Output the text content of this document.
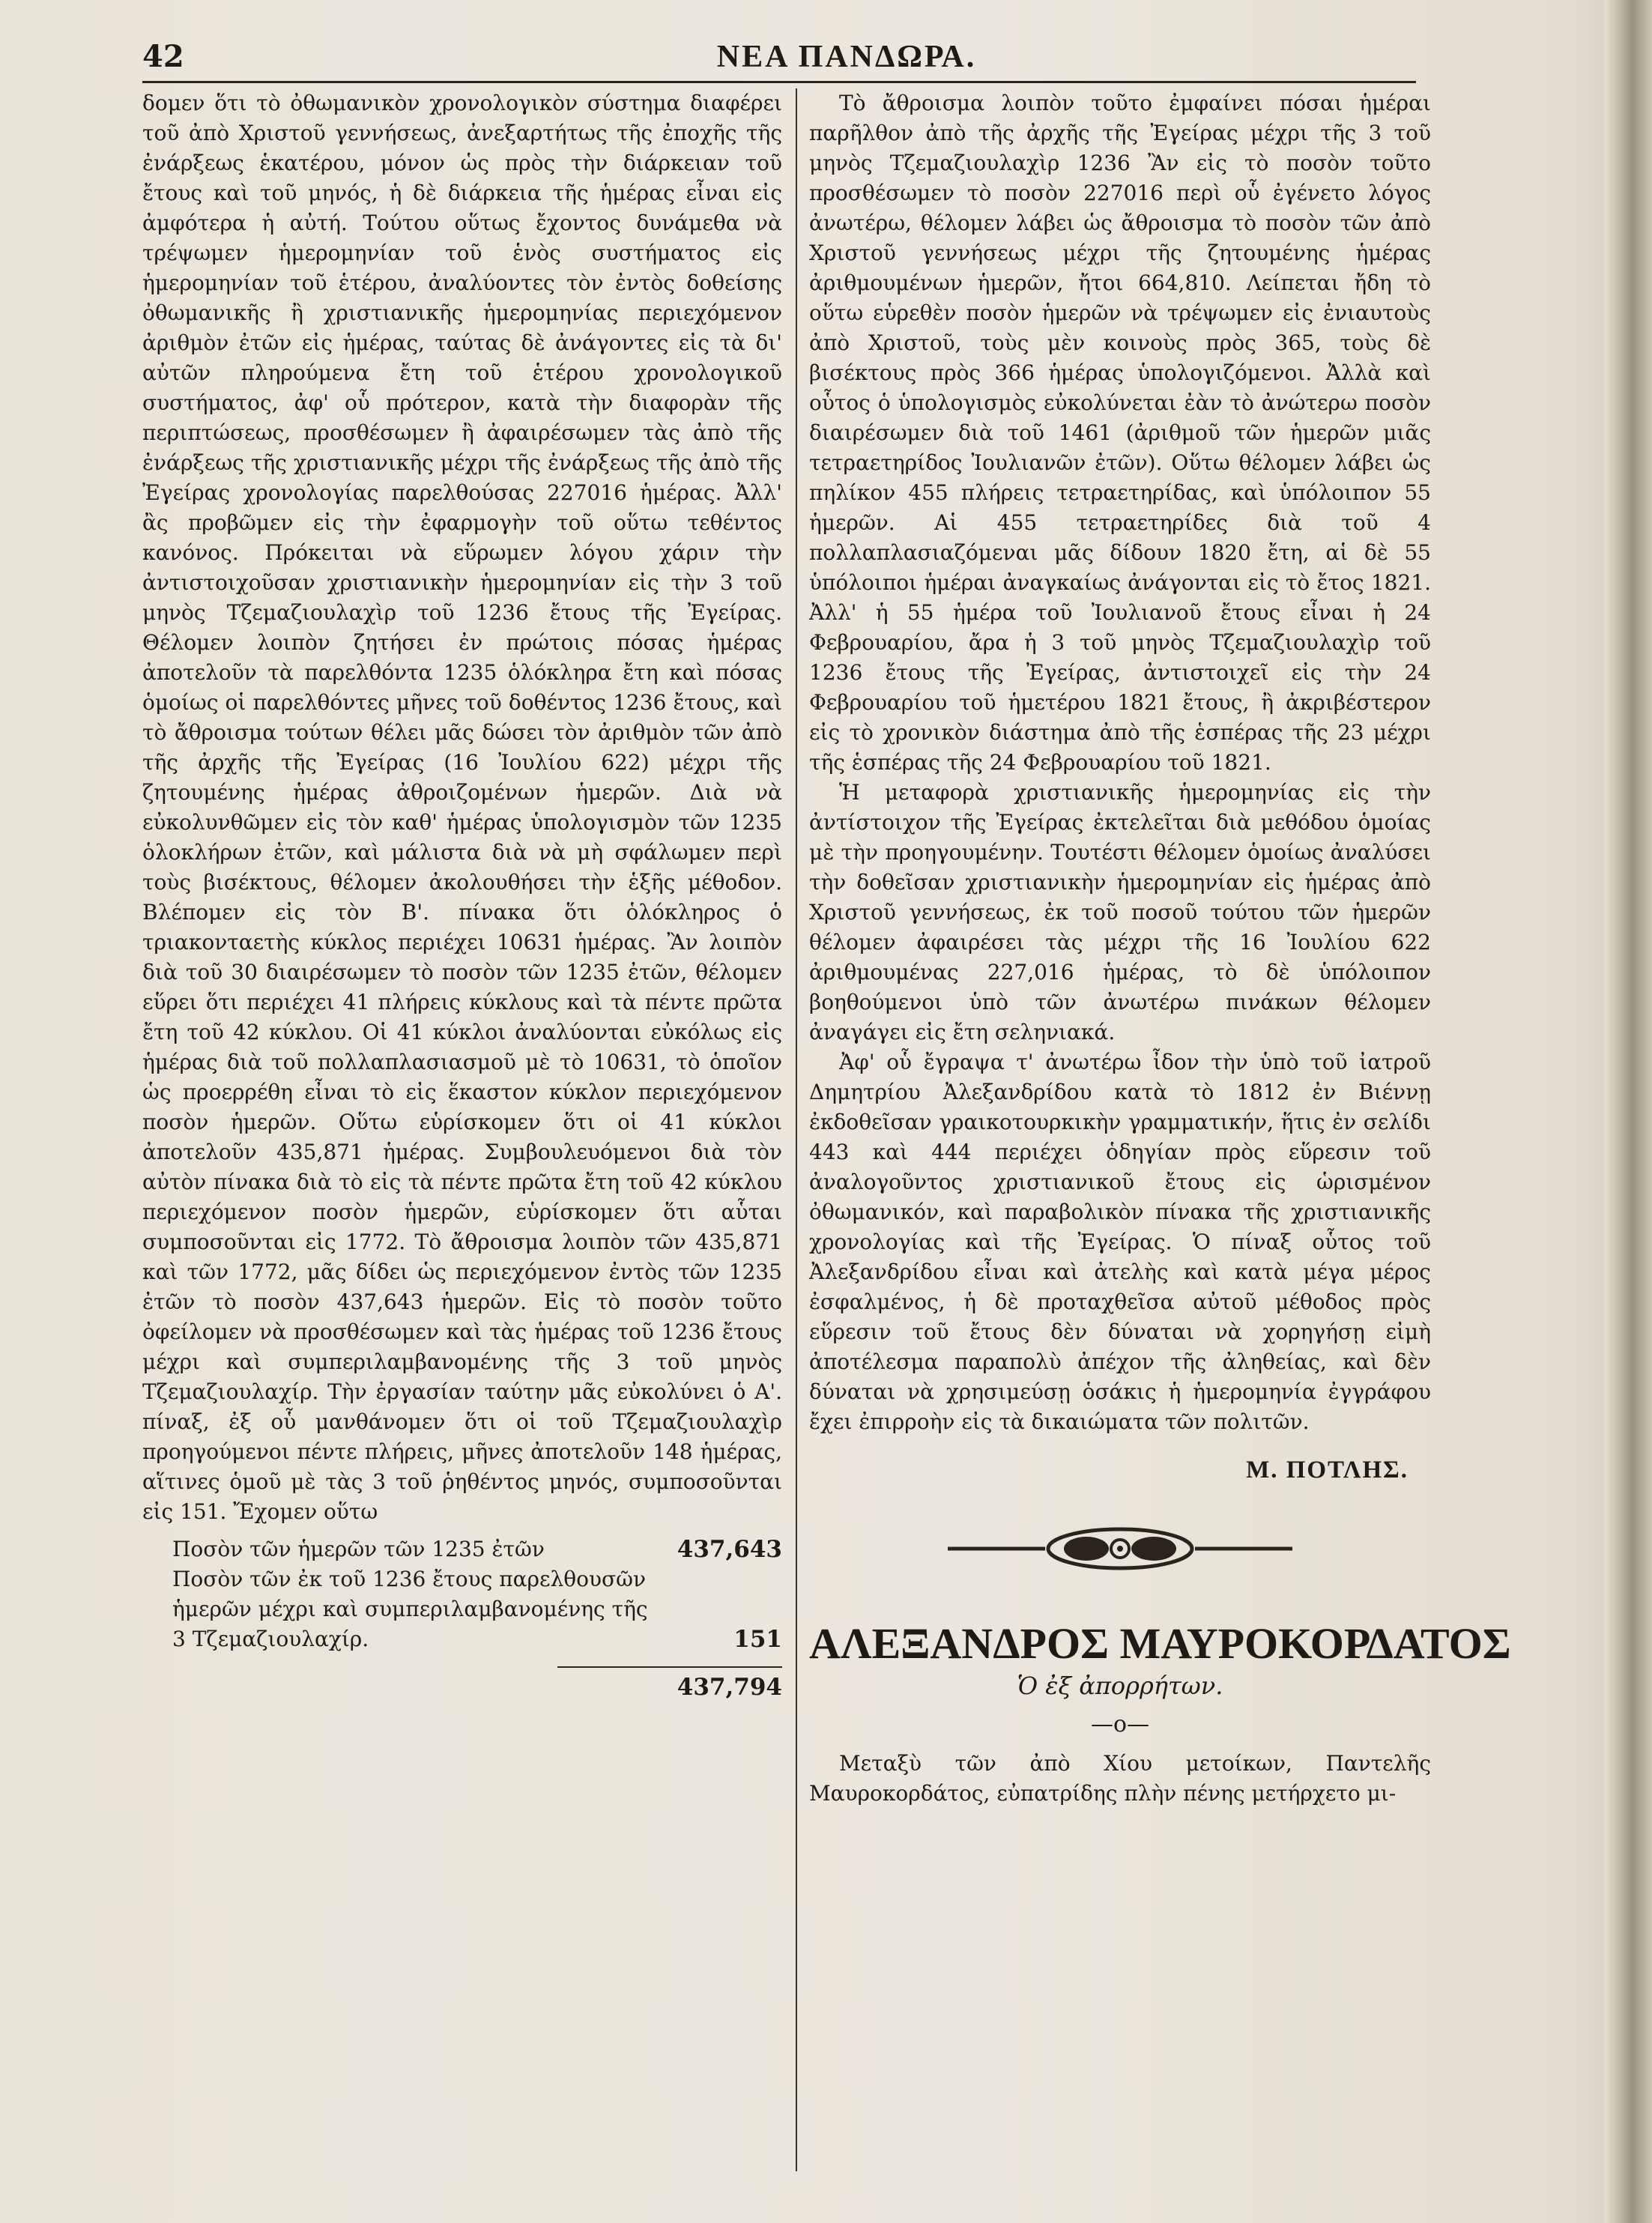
42	ΝΕΑ ΠΑΝΔΩΡΑ.

δομεν ὅτι τὸ ὀθωμανικὸν χρονολογικὸν σύστημα διαφέρει τοῦ ἀπὸ Χριστοῦ γεννήσεως, ἀνεξαρτήτως τῆς ἐποχῆς τῆς ἐνάρξεως ἑκατέρου, μόνον ὡς πρὸς τὴν διάρκειαν τοῦ ἔτους καὶ τοῦ μηνός, ἡ δὲ διάρκεια τῆς ἡμέρας εἶναι εἰς ἀμφότερα ἡ αὐτή. Τούτου οὕτως ἔχοντος δυνάμεθα νὰ τρέψωμεν ἡμερομηνίαν τοῦ ἑνὸς συστήματος εἰς ἡμερομηνίαν τοῦ ἑτέρου, ἀναλύοντες τὸν ἐντὸς δοθείσης ὀθωμανικῆς ἢ χριστιανικῆς ἡμερομηνίας περιεχόμενον ἀριθμὸν ἐτῶν εἰς ἡμέρας, ταύτας δὲ ἀνάγοντες εἰς τὰ δι' αὐτῶν πληρούμενα ἔτη τοῦ ἑτέρου χρονολογικοῦ συστήματος, ἀφ' οὗ πρότερον, κατὰ τὴν διαφορὰν τῆς περιπτώσεως, προσθέσωμεν ἢ ἀφαιρέσωμεν τὰς ἀπὸ τῆς ἐνάρξεως τῆς χριστιανικῆς μέχρι τῆς ἐνάρξεως τῆς ἀπὸ τῆς Ἐγείρας χρονολογίας παρελθούσας 227016 ἡμέρας. Ἀλλ' ἂς προβῶμεν εἰς τὴν ἐφαρμογὴν τοῦ οὕτω τεθέντος κανόνος. Πρόκειται νὰ εὕρωμεν λόγου χάριν τὴν ἀντιστοιχοῦσαν χριστιανικὴν ἡμερομηνίαν εἰς τὴν 3 τοῦ μηνὸς Τζεμαζιουλαχὶρ τοῦ 1236 ἔτους τῆς Ἐγείρας. Θέλομεν λοιπὸν ζητήσει ἐν πρώτοις πόσας ἡμέρας ἀποτελοῦν τὰ παρελθόντα 1235 ὁλόκληρα ἔτη καὶ πόσας ὁμοίως οἱ παρελθόντες μῆνες τοῦ δοθέντος 1236 ἔτους, καὶ τὸ ἄθροισμα τούτων θέλει μᾶς δώσει τὸν ἀριθμὸν τῶν ἀπὸ τῆς ἀρχῆς τῆς Ἐγείρας (16 Ἰουλίου 622) μέχρι τῆς ζητουμένης ἡμέρας ἀθροιζομένων ἡμερῶν. Διὰ νὰ εὐκολυνθῶμεν εἰς τὸν καθ' ἡμέρας ὑπολογισμὸν τῶν 1235 ὁλοκλήρων ἐτῶν, καὶ μάλιστα διὰ νὰ μὴ σφάλωμεν περὶ τοὺς βισέκτους, θέλομεν ἀκολουθήσει τὴν ἑξῆς μέθοδον. Βλέπομεν εἰς τὸν Β'. πίνακα ὅτι ὁλόκληρος ὁ τριακονταετὴς κύκλος περιέχει 10631 ἡμέρας. Ἂν λοιπὸν διὰ τοῦ 30 διαιρέσωμεν τὸ ποσὸν τῶν 1235 ἐτῶν, θέλομεν εὕρει ὅτι περιέχει 41 πλήρεις κύκλους καὶ τὰ πέντε πρῶτα ἔτη τοῦ 42 κύκλου. Οἱ 41 κύκλοι ἀναλύονται εὐκόλως εἰς ἡμέρας διὰ τοῦ πολλαπλασιασμοῦ μὲ τὸ 10631, τὸ ὁποῖον ὡς προερρέθη εἶναι τὸ εἰς ἕκαστον κύκλον περιεχόμενον ποσὸν ἡμερῶν. Οὕτω εὑρίσκομεν ὅτι οἱ 41 κύκλοι ἀποτελοῦν 435,871 ἡμέρας. Συμβουλευόμενοι διὰ τὸν αὐτὸν πίνακα διὰ τὸ εἰς τὰ πέντε πρῶτα ἔτη τοῦ 42 κύκλου περιεχόμενον ποσὸν ἡμερῶν, εὑρίσκομεν ὅτι αὗται συμποσοῦνται εἰς 1772. Τὸ ἄθροισμα λοιπὸν τῶν 435,871 καὶ τῶν 1772, μᾶς δίδει ὡς περιεχόμενον ἐντὸς τῶν 1235 ἐτῶν τὸ ποσὸν 437,643 ἡμερῶν. Εἰς τὸ ποσὸν τοῦτο ὀφείλομεν νὰ προσθέσωμεν καὶ τὰς ἡμέρας τοῦ 1236 ἔτους μέχρι καὶ συμπεριλαμβανομένης τῆς 3 τοῦ μηνὸς Τζεμαζιουλαχίρ. Τὴν ἐργασίαν ταύτην μᾶς εὐκολύνει ὁ Α'. πίναξ, ἐξ οὗ μανθάνομεν ὅτι οἱ τοῦ Τζεμαζιουλαχὶρ προηγούμενοι πέντε πλήρεις, μῆνες ἀποτελοῦν 148 ἡμέρας, αἵτινες ὁμοῦ μὲ τὰς 3 τοῦ ῥηθέντος μηνός, συμποσοῦνται εἰς 151. Ἔχομεν οὕτω

Ποσὸν τῶν ἡμερῶν τῶν 1235 ἐτῶν	437,643
Ποσὸν τῶν ἐκ τοῦ 1236 ἔτους παρελθουσῶν ἡμερῶν μέχρι καὶ συμπεριλαμβανομένης τῆς 3 Τζεμαζιουλαχίρ.	151
437,794

Τὸ ἄθροισμα λοιπὸν τοῦτο ἐμφαίνει πόσαι ἡμέραι παρῆλθον ἀπὸ τῆς ἀρχῆς τῆς Ἐγείρας μέχρι τῆς 3 τοῦ μηνὸς Τζεμαζιουλαχὶρ 1236 Ἂν εἰς τὸ ποσὸν τοῦτο προσθέσωμεν τὸ ποσὸν 227016 περὶ οὗ ἐγένετο λόγος ἀνωτέρω, θέλομεν λάβει ὡς ἄθροισμα τὸ ποσὸν τῶν ἀπὸ Χριστοῦ γεννήσεως μέχρι τῆς ζητουμένης ἡμέρας ἀριθμουμένων ἡμερῶν, ἤτοι 664,810. Λείπεται ἤδη τὸ οὕτω εὑρεθὲν ποσὸν ἡμερῶν νὰ τρέψωμεν εἰς ἐνιαυτοὺς ἀπὸ Χριστοῦ, τοὺς μὲν κοινοὺς πρὸς 365, τοὺς δὲ βισέκτους πρὸς 366 ἡμέρας ὑπολογιζόμενοι. Ἀλλὰ καὶ οὗτος ὁ ὑπολογισμὸς εὐκολύνεται ἐὰν τὸ ἀνώτερω ποσὸν διαιρέσωμεν διὰ τοῦ 1461 (ἀριθμοῦ τῶν ἡμερῶν μιᾶς τετραετηρίδος Ἰουλιανῶν ἐτῶν). Οὕτω θέλομεν λάβει ὡς πηλίκον 455 πλήρεις τετραετηρίδας, καὶ ὑπόλοιπον 55 ἡμερῶν. Αἱ 455 τετραετηρίδες διὰ τοῦ 4 πολλαπλασιαζόμεναι μᾶς δίδουν 1820 ἔτη, αἱ δὲ 55 ὑπόλοιποι ἡμέραι ἀναγκαίως ἀνάγονται εἰς τὸ ἔτος 1821. Ἀλλ' ἡ 55 ἡμέρα τοῦ Ἰουλιανοῦ ἔτους εἶναι ἡ 24 Φεβρουαρίου, ἄρα ἡ 3 τοῦ μηνὸς Τζεμαζιουλαχὶρ τοῦ 1236 ἔτους τῆς Ἐγείρας, ἀντιστοιχεῖ εἰς τὴν 24 Φεβρουαρίου τοῦ ἡμετέρου 1821 ἔτους, ἢ ἀκριβέστερον εἰς τὸ χρονικὸν διάστημα ἀπὸ τῆς ἑσπέρας τῆς 23 μέχρι τῆς ἑσπέρας τῆς 24 Φεβρουαρίου τοῦ 1821.

Ἡ μεταφορὰ χριστιανικῆς ἡμερομηνίας εἰς τὴν ἀντίστοιχον τῆς Ἐγείρας ἐκτελεῖται διὰ μεθόδου ὁμοίας μὲ τὴν προηγουμένην. Τουτέστι θέλομεν ὁμοίως ἀναλύσει τὴν δοθεῖσαν χριστιανικὴν ἡμερομηνίαν εἰς ἡμέρας ἀπὸ Χριστοῦ γεννήσεως, ἐκ τοῦ ποσοῦ τούτου τῶν ἡμερῶν θέλομεν ἀφαιρέσει τὰς μέχρι τῆς 16 Ἰουλίου 622 ἀριθμουμένας 227,016 ἡμέρας, τὸ δὲ ὑπόλοιπον βοηθούμενοι ὑπὸ τῶν ἀνωτέρω πινάκων θέλομεν ἀναγάγει εἰς ἔτη σεληνιακά.

Ἀφ' οὗ ἔγραψα τ' ἀνωτέρω ἶδον τὴν ὑπὸ τοῦ ἰατροῦ Δημητρίου Ἀλεξανδρίδου κατὰ τὸ 1812 ἐν Βιέννῃ ἐκδοθεῖσαν γραικοτουρκικὴν γραμματικήν, ἥτις ἐν σελίδι 443 καὶ 444 περιέχει ὁδηγίαν πρὸς εὕρεσιν τοῦ ἀναλογοῦντος χριστιανικοῦ ἔτους εἰς ὡρισμένον ὀθωμανικόν, καὶ παραβολικὸν πίνακα τῆς χριστιανικῆς χρονολογίας καὶ τῆς Ἐγείρας. Ὁ πίναξ οὗτος τοῦ Ἀλεξανδρίδου εἶναι καὶ ἀτελὴς καὶ κατὰ μέγα μέρος ἐσφαλμένος, ἡ δὲ προταχθεῖσα αὐτοῦ μέθοδος πρὸς εὕρεσιν τοῦ ἔτους δὲν δύναται νὰ χορηγήσῃ εἰμὴ ἀποτέλεσμα παραπολὺ ἀπέχον τῆς ἀληθείας, καὶ δὲν δύναται νὰ χρησιμεύσῃ ὁσάκις ἡ ἡμερομηνία ἐγγράφου ἔχει ἐπιρροὴν εἰς τὰ δικαιώματα τῶν πολιτῶν.

Μ. ΠΟΤΛΗΣ.
ΑΛΕΞΑΝΔΡΟΣ ΜΑΥΡΟΚΟΡΔΑΤΟΣ
Ὁ ἐξ ἀπορρήτων.
—o—

Μεταξὺ τῶν ἀπὸ Χίου μετοίκων, Παντελῆς Μαυροκορδάτος, εὐπατρίδης πλὴν πένης μετήρχετο μι-
